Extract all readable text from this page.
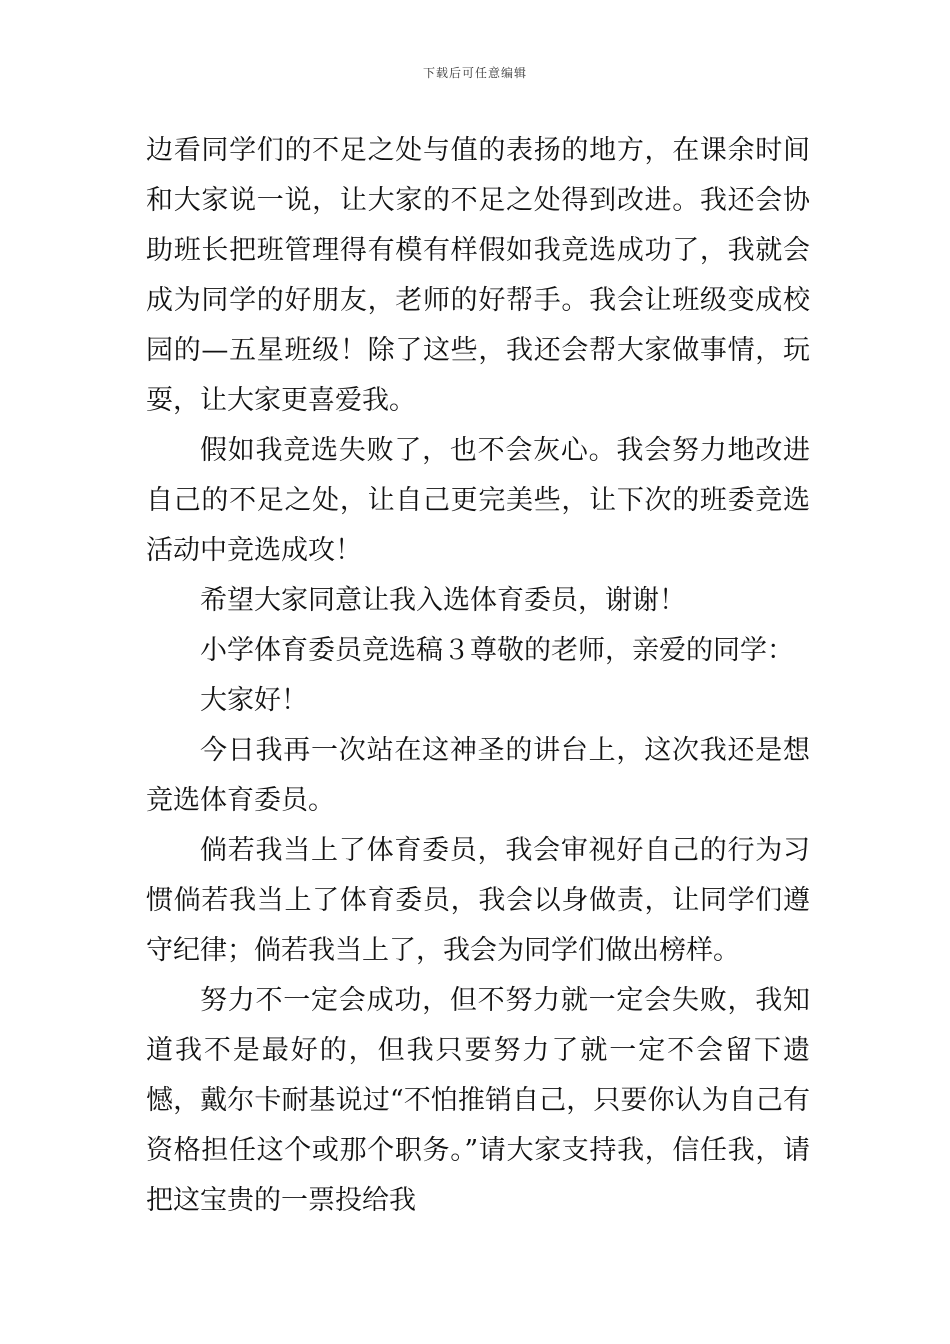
下载后可任意编辑

边看同学们的不足之处与值的表扬的地方，在课余时间和大家说一说，让大家的不足之处得到改进。我还会协助班长把班管理得有模有样假如我竞选成功了，我就会成为同学的好朋友，老师的好帮手。我会让班级变成校园的—五星班级！除了这些，我还会帮大家做事情，玩耍，让大家更喜爱我。

假如我竞选失败了，也不会灰心。我会努力地改进自己的不足之处，让自己更完美些，让下次的班委竞选活动中竞选成攻！

希望大家同意让我入选体育委员，谢谢！

小学体育委员竞选稿３尊敬的老师，亲爱的同学：

大家好！

今日我再一次站在这神圣的讲台上，这次我还是想竞选体育委员。

倘若我当上了体育委员，我会审视好自己的行为习惯倘若我当上了体育委员，我会以身做责，让同学们遵守纪律；倘若我当上了，我会为同学们做出榜样。

努力不一定会成功，但不努力就一定会失败，我知道我不是最好的，但我只要努力了就一定不会留下遗憾，戴尔卡耐基说过“不怕推销自己，只要你认为自己有资格担任这个或那个职务。”请大家支持我，信任我，请把这宝贵的一票投给我
